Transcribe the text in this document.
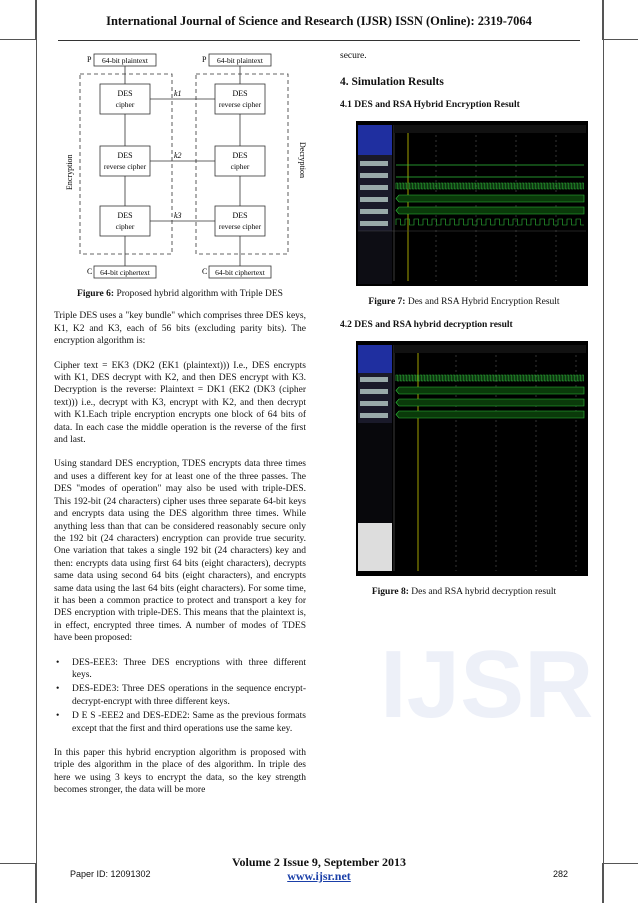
International Journal of Science and Research (IJSR) ISSN (Online): 2319-7064
P 64-bit plaintext	P 64-bit plaintext
Encryption	Decryption
DES
cipher
DES
reverse cipher
DES
cipher
DES
reverse cipher
DES
cipher
DES
reverse cipher
k1
k2
k3
C 64-bit ciphertext	C 64-bit ciphertext
Figure 6: Proposed hybrid algorithm with Triple DES

Triple DES uses a "key bundle" which comprises three DES keys, K1, K2 and K3, each of 56 bits (excluding parity bits). The encryption algorithm is:

Cipher text = EK3 (DK2 (EK1 (plaintext))) I.e., DES encrypts with K1, DES decrypt with K2, and then DES encrypt with K3. Decryption is the reverse: Plaintext = DK1 (EK2 (DK3 (cipher text))) i.e., decrypt with K3, encrypt with K2, and then decrypt with K1.Each triple encryption encrypts one block of 64 bits of data. In each case the middle operation is the reverse of the first and last.

Using standard DES encryption, TDES encrypts data three times and uses a different key for at least one of the three passes. The DES "modes of operation" may also be used with triple-DES. This 192-bit (24 characters) cipher uses three separate 64-bit keys and encrypts data using the DES algorithm three times. While anything less than that can be considered reasonably secure only the 192 bit (24 characters) encryption can provide true security. One variation that takes a single 192 bit (24 characters) key and then: encrypts data using first 64 bits (eight characters), decrypts same data using second 64 bits (eight characters), and encrypts same data using the last 64 bits (eight characters). For some time, it has been a common practice to protect and transport a key for DES encryption with triple-DES. This means that the plaintext is, in effect, encrypted three times. A number of modes of TDES have been proposed:

• DES-EEE3: Three DES encryptions with three different keys.
• DES-EDE3: Three DES operations in the sequence encrypt-decrypt-encrypt with three different keys.
• D E S -EEE2 and DES-EDE2: Same as the previous formats except that the first and third operations use the same key.

In this paper this hybrid encryption algorithm is proposed with triple des algorithm in the place of des algorithm. In triple des here we using 3 keys to encrypt the data, so the key strength becomes stronger, the data will be more

secure.

4. Simulation Results
4.1 DES and RSA Hybrid Encryption Result
Figure 7: Des and RSA Hybrid Encryption Result
4.2 DES and RSA hybrid decryption result
Figure 8: Des and RSA hybrid decryption result
IJSR
Volume 2 Issue 9, September 2013
www.ijsr.net
Paper ID: 12091302	282
